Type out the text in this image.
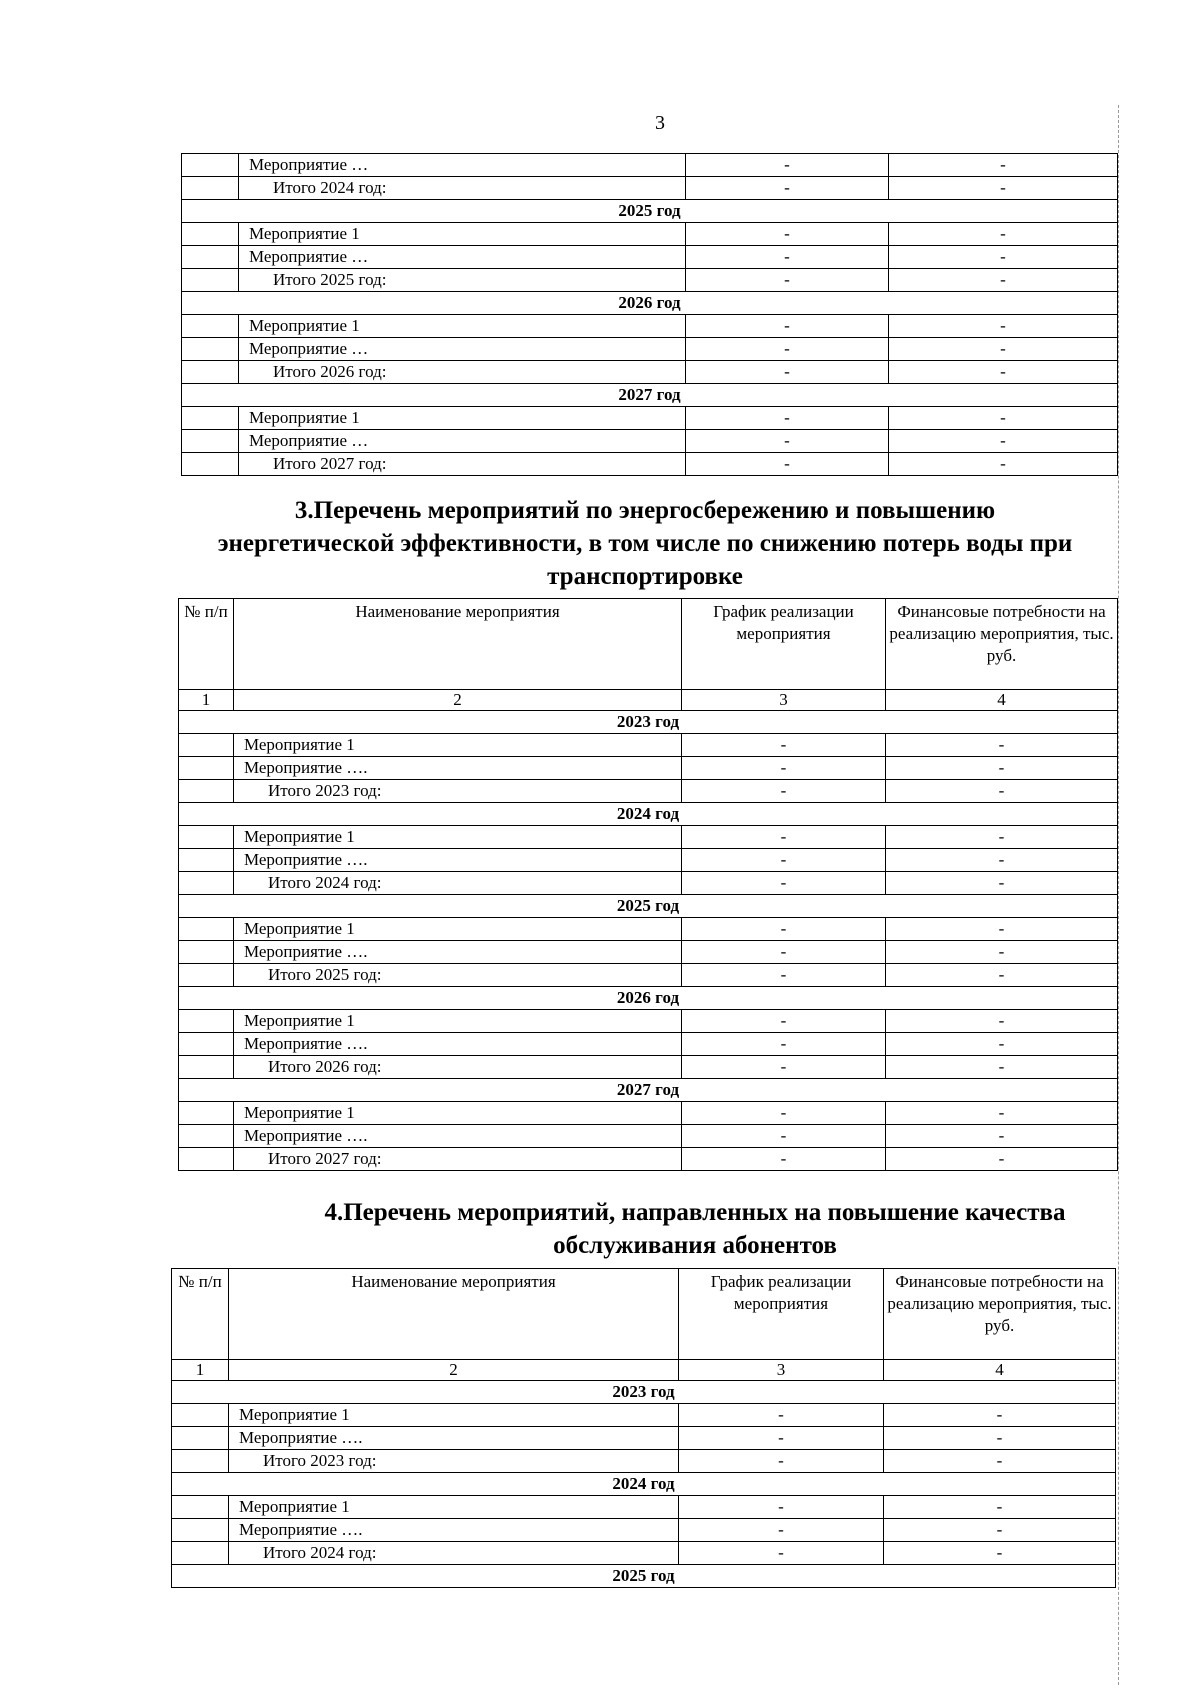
3
	Мероприятие …	-	-
	Итого 2024 год:	-	-
2025 год			
	Мероприятие 1	-	-
	Мероприятие …	-	-
	Итого 2025 год:	-	-
2026 год			
	Мероприятие 1	-	-
	Мероприятие …	-	-
	Итого 2026 год:	-	-
2027 год			
	Мероприятие 1	-	-
	Мероприятие …	-	-
	Итого 2027 год:	-	-
3.Перечень мероприятий по энергосбережению и повышению
энергетической эффективности, в том числе по снижению потерь воды при
транспортировке
№ п/п	Наименование мероприятия	График реализации мероприятия	Финансовые потребности на реализацию мероприятия, тыс. руб.
1	2	3	4
2023 год			
	Мероприятие 1	-	-
	Мероприятие ….	-	-
	Итого 2023 год:	-	-
2024 год			
	Мероприятие 1	-	-
	Мероприятие ….	-	-
	Итого 2024 год:	-	-
2025 год			
	Мероприятие 1	-	-
	Мероприятие ….	-	-
	Итого 2025 год:	-	-
2026 год			
	Мероприятие 1	-	-
	Мероприятие ….	-	-
	Итого 2026 год:	-	-
2027 год			
	Мероприятие 1	-	-
	Мероприятие ….	-	-
	Итого 2027 год:	-	-
4.Перечень мероприятий, направленных на повышение качества
обслуживания абонентов
№ п/п	Наименование мероприятия	График реализации мероприятия	Финансовые потребности на реализацию мероприятия, тыс. руб.
1	2	3	4
2023 год			
	Мероприятие 1	-	-
	Мероприятие ….	-	-
	Итого 2023 год:	-	-
2024 год			
	Мероприятие 1	-	-
	Мероприятие ….	-	-
	Итого 2024 год:	-	-
2025 год			
